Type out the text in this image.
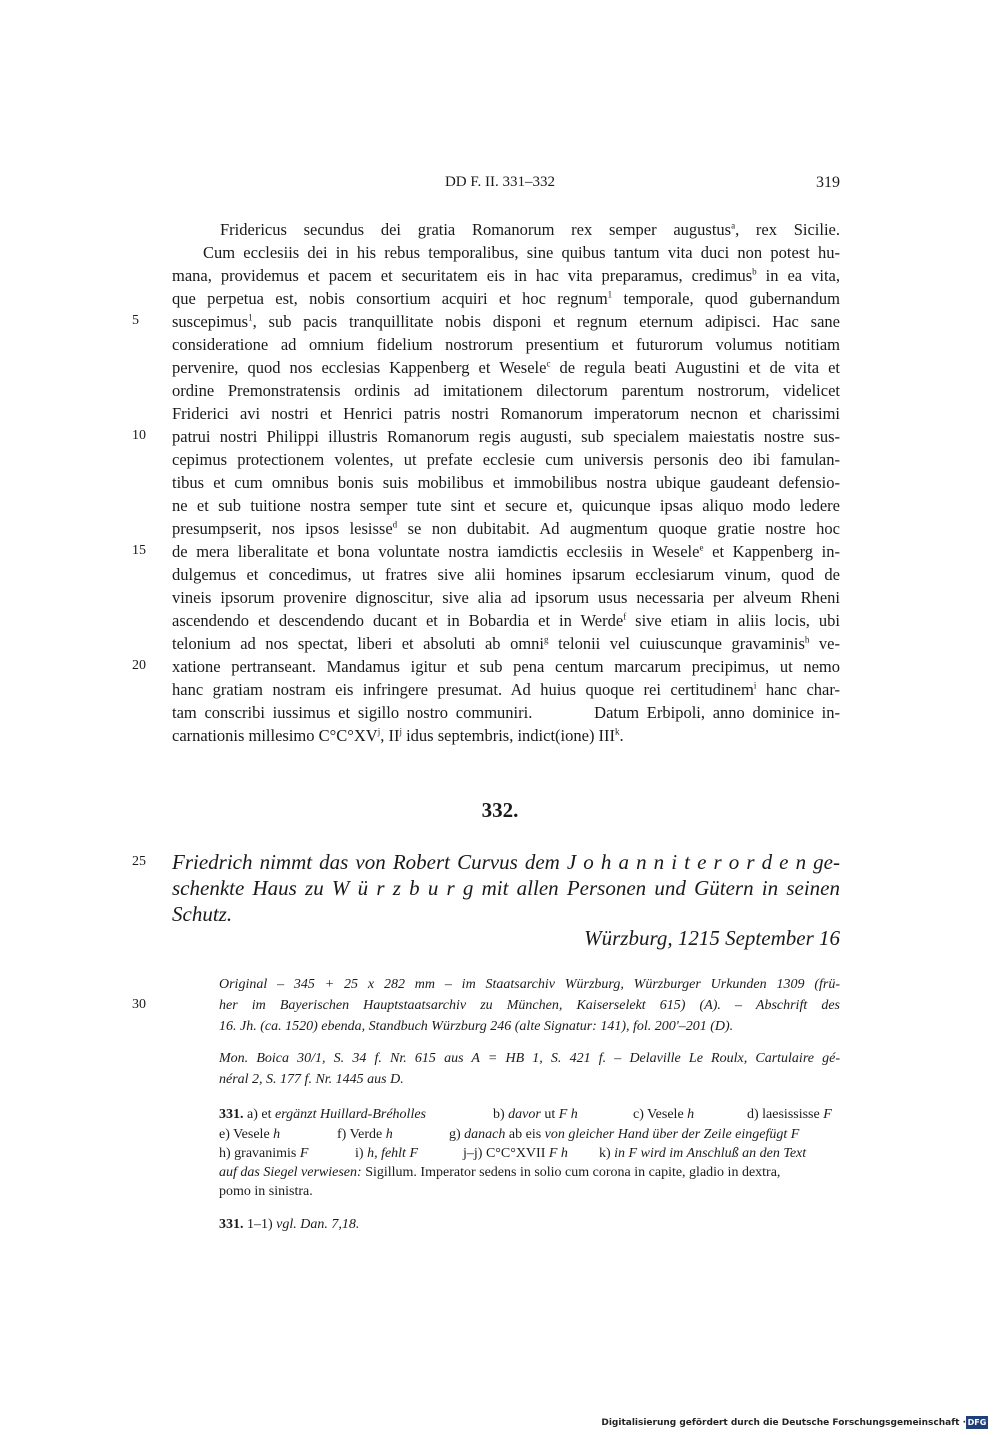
DD F. II. 331–332	319
Fridericus secundus dei gratia Romanorum rex semper augustus$^a$, rex Sicilie.
Cum ecclesiis dei in his rebus temporalibus, sine quibus tantum vita duci non potest hu-
mana, providemus et pacem et securitatem eis in hac vita preparamus, credimus$^b$ in ea vita,
que perpetua est, nobis consortium acquiri et hoc regnum$^1$ temporale, quod gubernandum
suscepimus$^1$, sub pacis tranquillitate nobis disponi et regnum eternum adipisci. Hac sane
consideratione ad omnium fidelium nostrorum presentium et futurorum volumus notitiam
pervenire, quod nos ecclesias Kappenberg et Wesele$^c$ de regula beati Augustini et de vita et
ordine Premonstratensis ordinis ad imitationem dilectorum parentum nostrorum, videlicet
Friderici avi nostri et Henrici patris nostri Romanorum imperatorum necnon et charissimi
patrui nostri Philippi illustris Romanorum regis augusti, sub specialem maiestatis nostre sus-
cepimus protectionem volentes, ut prefate ecclesie cum universis personis deo ibi famulan-
tibus et cum omnibus bonis suis mobilibus et immobilibus nostra ubique gaudeant defensio-
ne et sub tuitione nostra semper tute sint et secure et, quicunque ipsas aliquo modo ledere
presumpserit, nos ipsos lesisse$^d$ se non dubitabit. Ad augmentum quoque gratie nostre hoc
de mera liberalitate et bona voluntate nostra iamdictis ecclesiis in Wesele$^e$ et Kappenberg in-
dulgemus et concedimus, ut fratres sive alii homines ipsarum ecclesiarum vinum, quod de
vineis ipsorum provenire dignoscitur, sive alia ad ipsorum usus necessaria per alveum Rheni
ascendendo et descendendo ducant et in Bobardia et in Werde$^f$ sive etiam in aliis locis, ubi
telonium ad nos spectat, liberi et absoluti ab omni$^g$ telonii vel cuiuscunque gravaminis$^h$ ve-
xatione pertranseant. Mandamus igitur et sub pena centum marcarum precipimus, ut nemo
hanc gratiam nostram eis infringere presumat. Ad huius quoque rei certitudinem$^i$ hanc char-
tam conscribi iussimus et sigillo nostro communiri.        Datum Erbipoli, anno dominice in-
carnationis millesimo $C^\circ C^\circ XV^j$, $II^j$ idus septembris, indict(ione) III$^k$.
5
10
15
20
25
30
332.
Friedrich nimmt das von Robert Curvus dem J o h a n n i t e r o r d e n ge-
schenkte Haus zu W ü r z b u r g mit allen Personen und Gütern in seinen
Schutz.
Würzburg, 1215 September 16
Original – 345 + 25 x 282 mm – im Staatsarchiv Würzburg, Würzburger Urkunden 1309 (frü-
her im Bayerischen Hauptstaatsarchiv zu München, Kaiserselekt 615) (A). – Abschrift des
16. Jh. (ca. 1520) ebenda, Standbuch Würzburg 246 (alte Signatur: 141), fol. 200'–201 (D).
Mon. Boica 30/1, S. 34 f. Nr. 615 aus A = HB 1, S. 421 f. – Delaville Le Roulx, Cartulaire gé-
néral 2, S. 177 f. Nr. 1445 aus D.
331. a) et ergänzt Huillard-Bréholles	b) davor ut F h	c) Vesele h	d) laesississe F
e) Vesele h	f) Verde h	g) danach ab eis von gleicher Hand über der Zeile eingefügt F
h) gravanimis F	i) h, fehlt F	j–j) C°C°XVII F h k) in F wird im Anschluß an den Text
auf das Siegel verwiesen: Sigillum. Imperator sedens in solio cum corona in capite, gladio in dextra,
pomo in sinistra.
331. 1–1) vgl. Dan. 7,18.
Digitalisierung gefördert durch die Deutsche Forschungsgemeinschaft · DFG
